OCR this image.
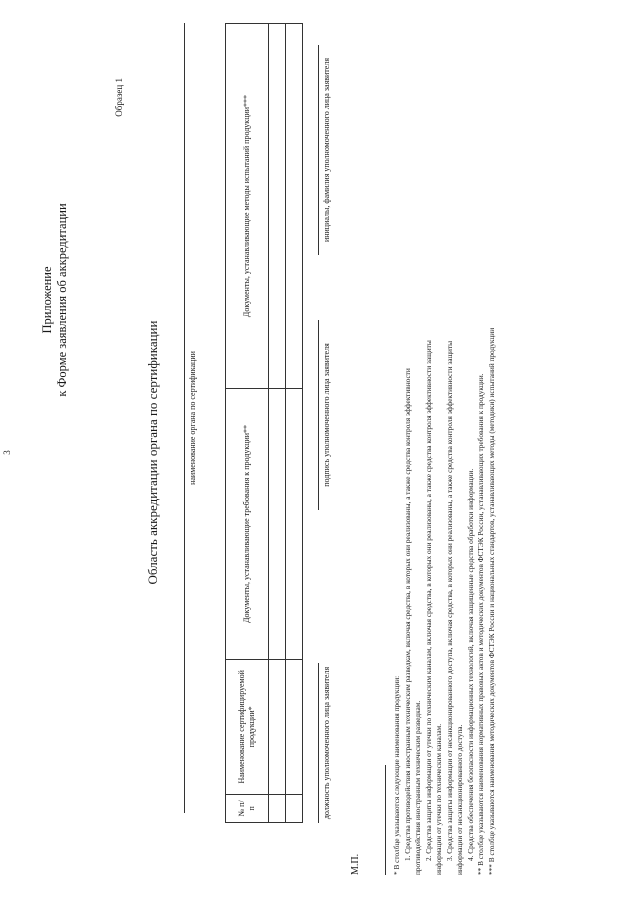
3
Приложение к Форме заявления об аккредитации
Образец 1
Область аккредитации органа по сертификации	наименование органа по сертификации
№ п/п	Наименование сертифицируемой продукции*	Документы, устанавливающие требования к продукции**	Документы, устанавливающие методы испытаний продукции***

должность уполномоченного лица заявителя
подпись уполномоченного лица заявителя
инициалы, фамилия уполномоченного лица заявителя
М.П.	* В столбце указываются следующие наименования продукции: 1. Средства противодействия иностранным техническим разведкам, включая средства, в которых они реализованы, а также средства контроля эффективности противодействия иностранным техническим разведкам. 2. Средства защиты информации от утечки по техническим каналам, включая средства, в которых они реализованы, а также средства контроля эффективности защиты информации от утечки по техническим каналам. 3. Средства защиты информации от несанкционированного доступа, включая средства, в которых они реализованы, а также средства контроля эффективности защиты информации от несанкционированного доступа. 4. Средства обеспечения безопасности информационных технологий, включая защищенные средства обработки информации. ** В столбце указываются наименования нормативных правовых актов и методических документов ФСТЭК России, устанавливающих требования к продукции. *** В столбце указываются наименования методических документов ФСТЭК России и национальных стандартов, устанавливающих методы (методики) испытаний продукции
